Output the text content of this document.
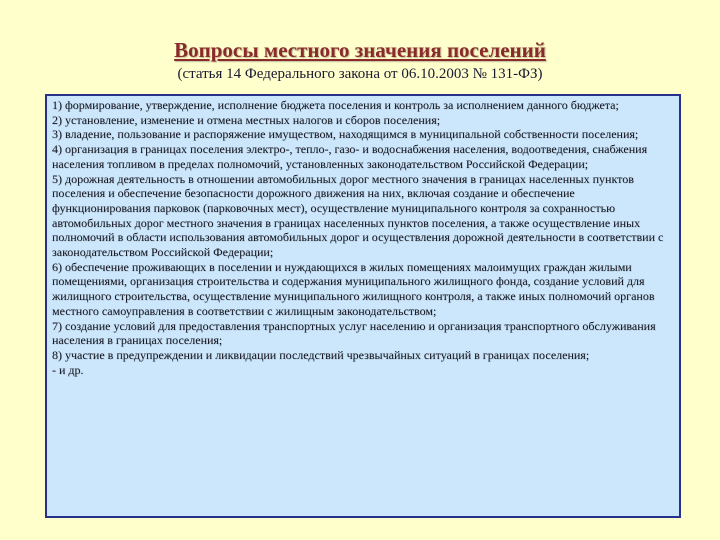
Вопросы местного значения поселений
(статья 14 Федерального закона от 06.10.2003 № 131-ФЗ)

1) формирование, утверждение, исполнение бюджета поселения и контроль за исполнением данного бюджета;

2) установление, изменение и отмена местных налогов и сборов поселения;

3) владение, пользование и распоряжение имуществом, находящимся в муниципальной собственности поселения;

4) организация в границах поселения электро-, тепло-, газо- и водоснабжения населения, водоотведения, снабжения населения топливом в пределах полномочий, установленных законодательством Российской Федерации;

5) дорожная деятельность в отношении автомобильных дорог местного значения в границах населенных пунктов поселения и обеспечение безопасности дорожного движения на них, включая создание и обеспечение функционирования парковок (парковочных мест), осуществление муниципального контроля за сохранностью автомобильных дорог местного значения в границах населенных пунктов поселения, а также осуществление иных полномочий в области использования автомобильных дорог и осуществления дорожной деятельности в соответствии с законодательством Российской Федерации;

6) обеспечение проживающих в поселении и нуждающихся в жилых помещениях малоимущих граждан жилыми помещениями, организация строительства и содержания муниципального жилищного фонда, создание условий для жилищного строительства, осуществление муниципального жилищного контроля, а также иных полномочий органов местного самоуправления в соответствии с жилищным законодательством;

7) создание условий для предоставления транспортных услуг населению и организация транспортного обслуживания населения в границах поселения;

8) участие в предупреждении и ликвидации последствий чрезвычайных ситуаций в границах поселения;

- и др.
